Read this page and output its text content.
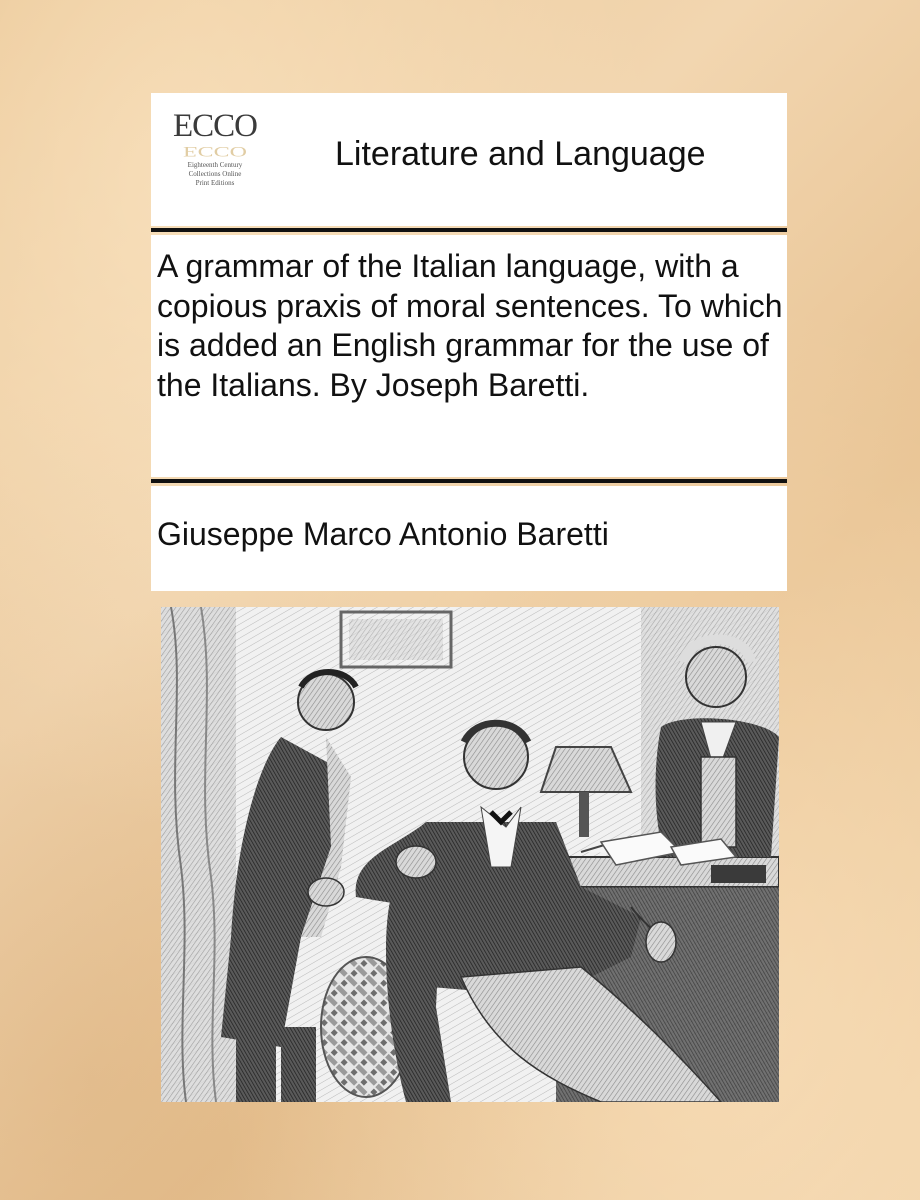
ECCO
ECCO
Eighteenth Century
Collections Online
Print Editions
Literature and Language
A grammar of the Italian language, with a copious praxis of moral sentences. To which is added an English grammar for the use of the Italians. By Joseph Baretti.
Giuseppe Marco Antonio Baretti
